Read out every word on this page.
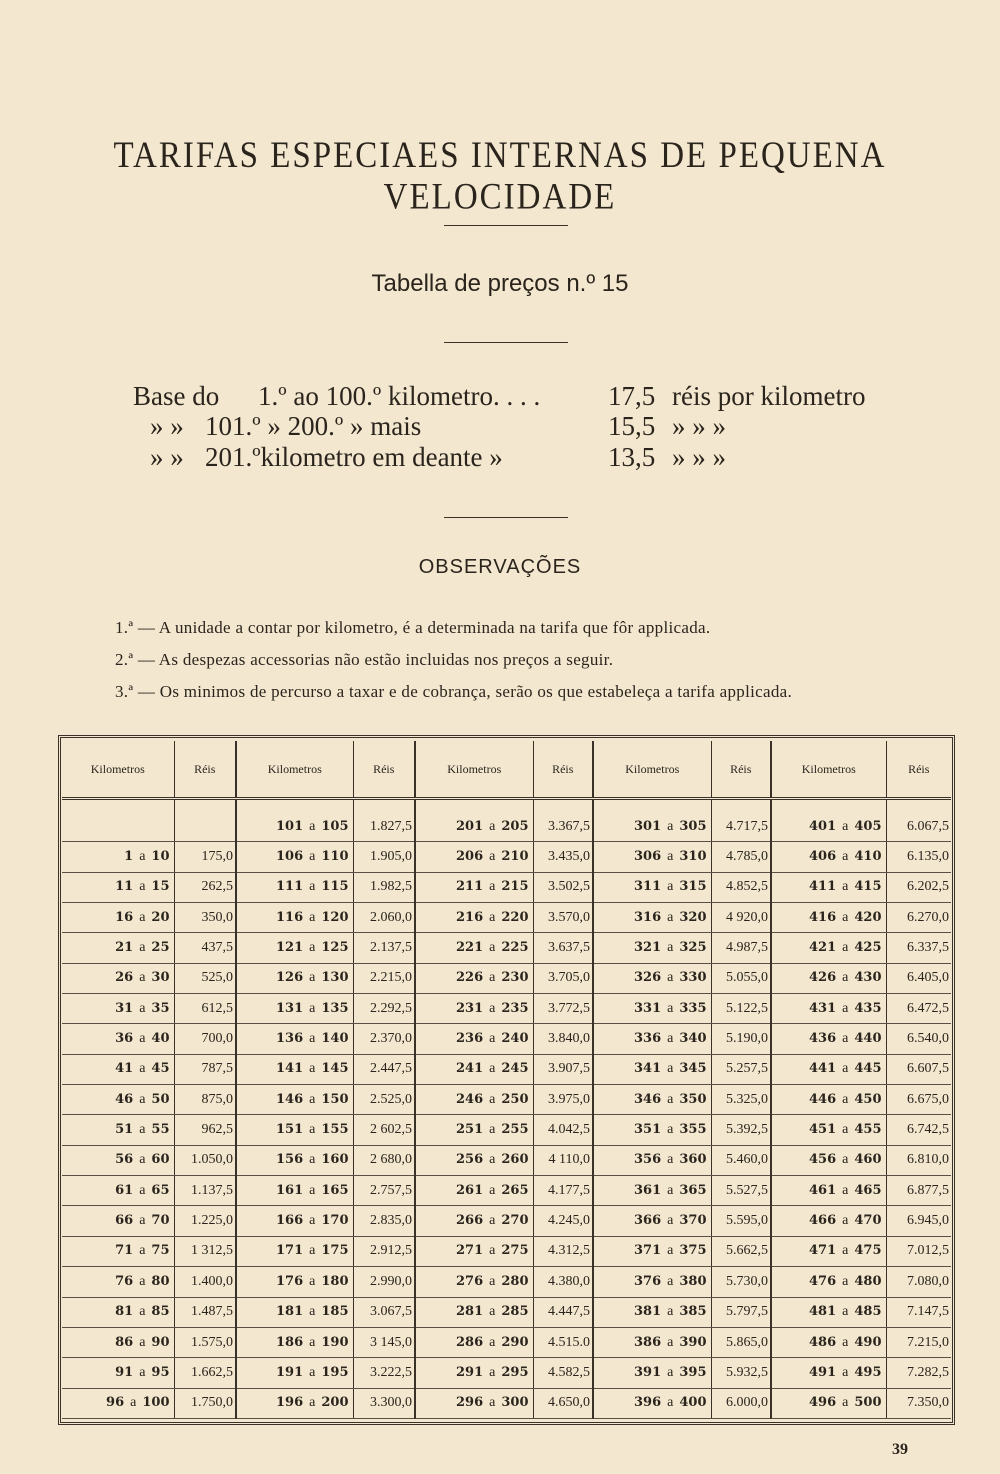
TARIFAS ESPECIAES INTERNAS DE PEQUENA VELOCIDADE
Tabella de preços n.º 15
Base do 1.º ao 100.º kilometro. . . .	17,5 réis por kilometro
» » 101.º » 200.º » mais	15,5 » » »
» » 201.ºkilometro em deante »	13,5 » » »
OBSERVAÇÕES
1.ª — A unidade a contar por kilometro, é a determinada na tarifa que fôr applicada.
2.ª — As despezas accessorias não estão incluidas nos preços a seguir.
3.ª — Os minimos de percurso a taxar e de cobrança, serão os que estabeleça a tarifa applicada.
Kilometros	Réis	Kilometros	Réis	Kilometros	Réis	Kilometros	Réis	Kilometros	Réis

		101 a 105	1.827,5	201 a 205	3.367,5	301 a 305	4.717,5	401 a 405	6.067,5
1 a 10	175,0	106 a 110	1.905,0	206 a 210	3.435,0	306 a 310	4.785,0	406 a 410	6.135,0
11 a 15	262,5	111 a 115	1.982,5	211 a 215	3.502,5	311 a 315	4.852,5	411 a 415	6.202,5
16 a 20	350,0	116 a 120	2.060,0	216 a 220	3.570,0	316 a 320	4 920,0	416 a 420	6.270,0
21 a 25	437,5	121 a 125	2.137,5	221 a 225	3.637,5	321 a 325	4.987,5	421 a 425	6.337,5
26 a 30	525,0	126 a 130	2.215,0	226 a 230	3.705,0	326 a 330	5.055,0	426 a 430	6.405,0
31 a 35	612,5	131 a 135	2.292,5	231 a 235	3.772,5	331 a 335	5.122,5	431 a 435	6.472,5
36 a 40	700,0	136 a 140	2.370,0	236 a 240	3.840,0	336 a 340	5.190,0	436 a 440	6.540,0
41 a 45	787,5	141 a 145	2.447,5	241 a 245	3.907,5	341 a 345	5.257,5	441 a 445	6.607,5
46 a 50	875,0	146 a 150	2.525,0	246 a 250	3.975,0	346 a 350	5.325,0	446 a 450	6.675,0
51 a 55	962,5	151 a 155	2 602,5	251 a 255	4.042,5	351 a 355	5.392,5	451 a 455	6.742,5
56 a 60	1.050,0	156 a 160	2 680,0	256 a 260	4 110,0	356 a 360	5.460,0	456 a 460	6.810,0
61 a 65	1.137,5	161 a 165	2.757,5	261 a 265	4.177,5	361 a 365	5.527,5	461 a 465	6.877,5
66 a 70	1.225,0	166 a 170	2.835,0	266 a 270	4.245,0	366 a 370	5.595,0	466 a 470	6.945,0
71 a 75	1 312,5	171 a 175	2.912,5	271 a 275	4.312,5	371 a 375	5.662,5	471 a 475	7.012,5
76 a 80	1.400,0	176 a 180	2.990,0	276 a 280	4.380,0	376 a 380	5.730,0	476 a 480	7.080,0
81 a 85	1.487,5	181 a 185	3.067,5	281 a 285	4.447,5	381 a 385	5.797,5	481 a 485	7.147,5
86 a 90	1.575,0	186 a 190	3 145,0	286 a 290	4.515.0	386 a 390	5.865,0	486 a 490	7.215,0
91 a 95	1.662,5	191 a 195	3.222,5	291 a 295	4.582,5	391 a 395	5.932,5	491 a 495	7.282,5
96 a 100	1.750,0	196 a 200	3.300,0	296 a 300	4.650,0	396 a 400	6.000,0	496 a 500	7.350,0
39
